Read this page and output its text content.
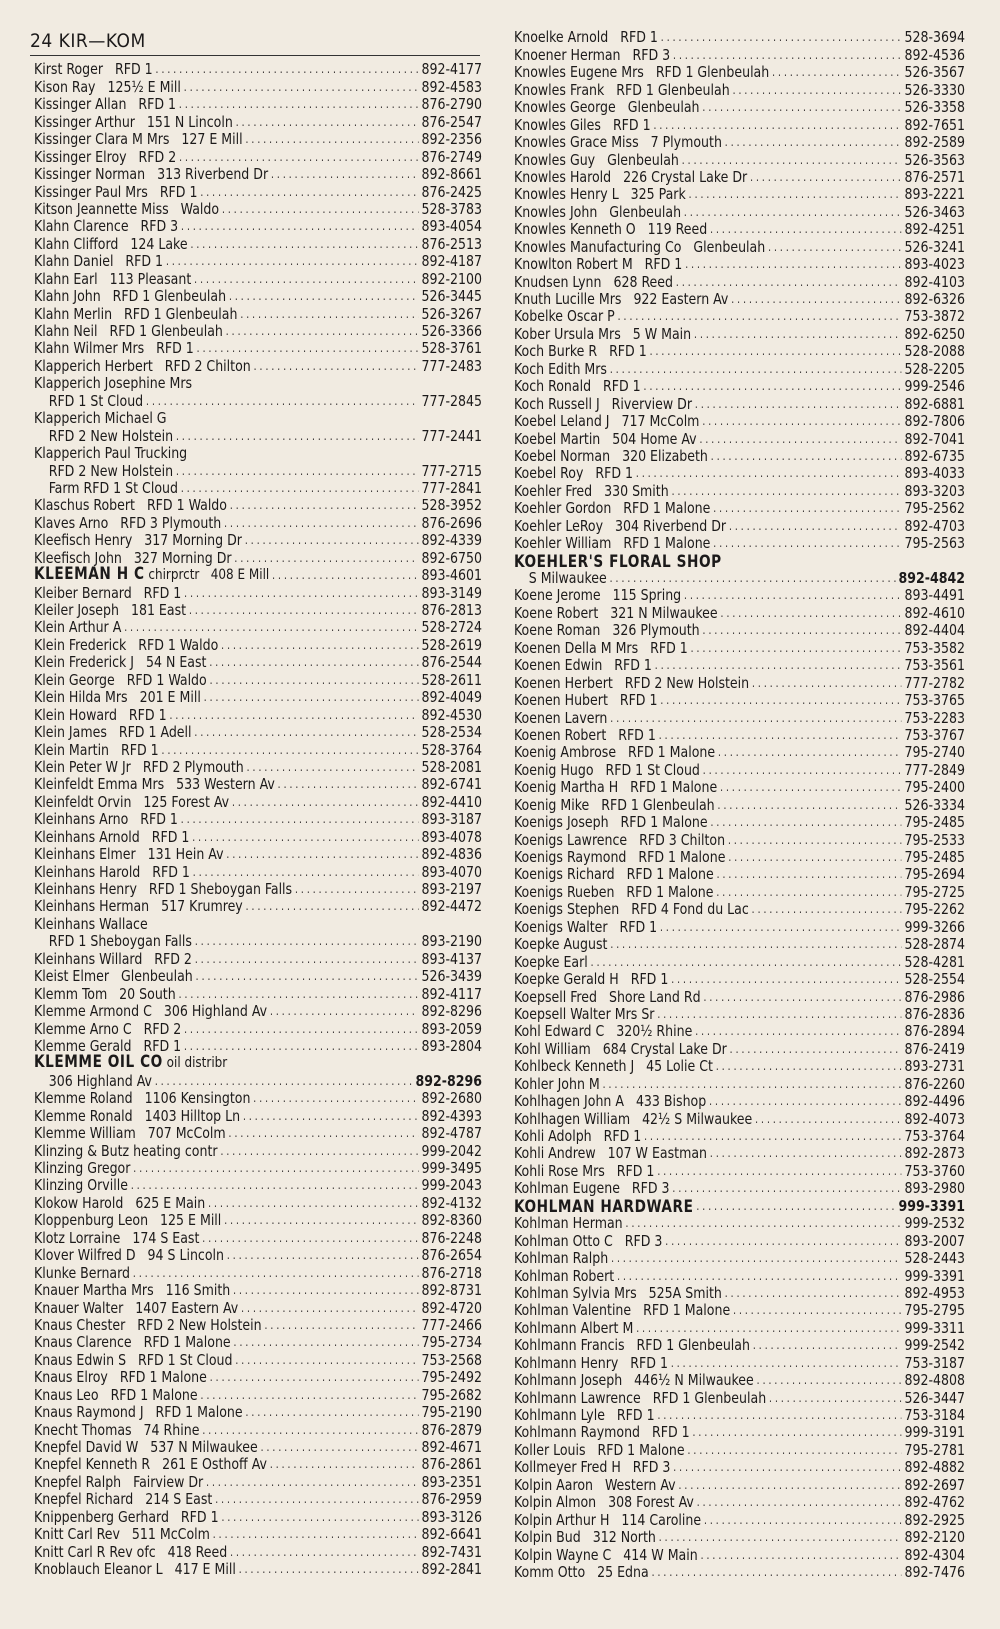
24 KIR—KOM
Kirst Roger   RFD 1 .....	892-4177
Kison Ray   125½ E Mill .....	892-4583
Kissinger Allan   RFD 1 .....	876-2790
Kissinger Arthur   151 N Lincoln .....	876-2547
Kissinger Clara M Mrs   127 E Mill .....	892-2356
Kissinger Elroy   RFD 2 .....	876-2749
Kissinger Norman   313 Riverbend Dr .....	892-8661
Kissinger Paul Mrs   RFD 1 .....	876-2425
Kitson Jeannette Miss   Waldo .....	528-3783
Klahn Clarence   RFD 3 .....	893-4054
Klahn Clifford   124 Lake .....	876-2513
Klahn Daniel   RFD 1 .....	892-4187
Klahn Earl   113 Pleasant .....	892-2100
Klahn John   RFD 1 Glenbeulah .....	526-3445
Klahn Merlin   RFD 1 Glenbeulah .....	526-3267
Klahn Neil   RFD 1 Glenbeulah .....	526-3366
Klahn Wilmer Mrs   RFD 1 .....	528-3761
Klapperich Herbert   RFD 2 Chilton .....	777-2483
Klapperich Josephine Mrs
RFD 1 St Cloud .....	777-2845
Klapperich Michael G
RFD 2 New Holstein .....	777-2441
Klapperich Paul Trucking
RFD 2 New Holstein .....	777-2715
Farm RFD 1 St Cloud .....	777-2841
Klaschus Robert   RFD 1 Waldo .....	528-3952
Klaves Arno   RFD 3 Plymouth .....	876-2696
Kleefisch Henry   317 Morning Dr .....	892-4339
Kleefisch John   327 Morning Dr .....	892-6750
KLEEMAN H C chirprctr   408 E Mill .....	893-4601
Kleiber Bernard   RFD 1 .....	893-3149
Kleiler Joseph   181 East .....	876-2813
Klein Arthur A .....	528-2724
Klein Frederick   RFD 1 Waldo .....	528-2619
Klein Frederick J   54 N East .....	876-2544
Klein George   RFD 1 Waldo .....	528-2611
Klein Hilda Mrs   201 E Mill .....	892-4049
Klein Howard   RFD 1 .....	892-4530
Klein James   RFD 1 Adell .....	528-2534
Klein Martin   RFD 1 .....	528-3764
Klein Peter W Jr   RFD 2 Plymouth .....	528-2081
Kleinfeldt Emma Mrs   533 Western Av .....	892-6741
Kleinfeldt Orvin   125 Forest Av .....	892-4410
Kleinhans Arno   RFD 1 .....	893-3187
Kleinhans Arnold   RFD 1 .....	893-4078
Kleinhans Elmer   131 Hein Av .....	892-4836
Kleinhans Harold   RFD 1 .....	893-4070
Kleinhans Henry   RFD 1 Sheboygan Falls .....	893-2197
Kleinhans Herman   517 Krumrey .....	892-4472
Kleinhans Wallace
RFD 1 Sheboygan Falls .....	893-2190
Kleinhans Willard   RFD 2 .....	893-4137
Kleist Elmer   Glenbeulah .....	526-3439
Klemm Tom   20 South .....	892-4117
Klemme Armond C   306 Highland Av .....	892-8296
Klemme Arno C   RFD 2 .....	893-2059
Klemme Gerald   RFD 1 .....	893-2804
KLEMME OIL CO oil distribr
306 Highland Av .....	892-8296
Klemme Roland   1106 Kensington .....	892-2680
Klemme Ronald   1403 Hilltop Ln .....	892-4393
Klemme William   707 McColm .....	892-4787
Klinzing & Butz heating contr .....	999-2042
Klinzing Gregor .....	999-3495
Klinzing Orville .....	999-2043
Klokow Harold   625 E Main .....	892-4132
Kloppenburg Leon   125 E Mill .....	892-8360
Klotz Lorraine   174 S East .....	876-2248
Klover Wilfred D   94 S Lincoln .....	876-2654
Klunke Bernard .....	876-2718
Knauer Martha Mrs   116 Smith .....	892-8731
Knauer Walter   1407 Eastern Av .....	892-4720
Knaus Chester   RFD 2 New Holstein .....	777-2466
Knaus Clarence   RFD 1 Malone .....	795-2734
Knaus Edwin S   RFD 1 St Cloud .....	753-2568
Knaus Elroy   RFD 1 Malone .....	795-2492
Knaus Leo   RFD 1 Malone .....	795-2682
Knaus Raymond J   RFD 1 Malone .....	795-2190
Knecht Thomas   74 Rhine .....	876-2879
Knepfel David W   537 N Milwaukee .....	892-4671
Knepfel Kenneth R   261 E Osthoff Av .....	876-2861
Knepfel Ralph   Fairview Dr .....	893-2351
Knepfel Richard   214 S East .....	876-2959
Knippenberg Gerhard   RFD 1 .....	893-3126
Knitt Carl Rev   511 McColm .....	892-6641
Knitt Carl R Rev ofc   418 Reed .....	892-7431
Knoblauch Eleanor L   417 E Mill .....	892-2841
Knoelke Arnold   RFD 1 .....	528-3694
Knoener Herman   RFD 3 .....	892-4536
Knowles Eugene Mrs   RFD 1 Glenbeulah .....	526-3567
Knowles Frank   RFD 1 Glenbeulah .....	526-3330
Knowles George   Glenbeulah .....	526-3358
Knowles Giles   RFD 1 .....	892-7651
Knowles Grace Miss   7 Plymouth .....	892-2589
Knowles Guy   Glenbeulah .....	526-3563
Knowles Harold   226 Crystal Lake Dr .....	876-2571
Knowles Henry L   325 Park .....	893-2221
Knowles John   Glenbeulah .....	526-3463
Knowles Kenneth O   119 Reed .....	892-4251
Knowles Manufacturing Co   Glenbeulah .....	526-3241
Knowlton Robert M   RFD 1 .....	893-4023
Knudsen Lynn   628 Reed .....	892-4103
Knuth Lucille Mrs   922 Eastern Av .....	892-6326
Kobelke Oscar P .....	753-3872
Kober Ursula Mrs   5 W Main .....	892-6250
Koch Burke R   RFD 1 .....	528-2088
Koch Edith Mrs .....	528-2205
Koch Ronald   RFD 1 .....	999-2546
Koch Russell J   Riverview Dr .....	892-6881
Koebel Leland J   717 McColm .....	892-7806
Koebel Martin   504 Home Av .....	892-7041
Koebel Norman   320 Elizabeth .....	892-6735
Koebel Roy   RFD 1 .....	893-4033
Koehler Fred   330 Smith .....	893-3203
Koehler Gordon   RFD 1 Malone .....	795-2562
Koehler LeRoy   304 Riverbend Dr .....	892-4703
Koehler William   RFD 1 Malone .....	795-2563
KOEHLER'S FLORAL SHOP
S Milwaukee .....	892-4842
Koene Jerome   115 Spring .....	893-4491
Koene Robert   321 N Milwaukee .....	892-4610
Koene Roman   326 Plymouth .....	892-4404
Koenen Della M Mrs   RFD 1 .....	753-3582
Koenen Edwin   RFD 1 .....	753-3561
Koenen Herbert   RFD 2 New Holstein .....	777-2782
Koenen Hubert   RFD 1 .....	753-3765
Koenen Lavern .....	753-2283
Koenen Robert   RFD 1 .....	753-3767
Koenig Ambrose   RFD 1 Malone .....	795-2740
Koenig Hugo   RFD 1 St Cloud .....	777-2849
Koenig Martha H   RFD 1 Malone .....	795-2400
Koenig Mike   RFD 1 Glenbeulah .....	526-3334
Koenigs Joseph   RFD 1 Malone .....	795-2485
Koenigs Lawrence   RFD 3 Chilton .....	795-2533
Koenigs Raymond   RFD 1 Malone .....	795-2485
Koenigs Richard   RFD 1 Malone .....	795-2694
Koenigs Rueben   RFD 1 Malone .....	795-2725
Koenigs Stephen   RFD 4 Fond du Lac .....	795-2262
Koenigs Walter   RFD 1 .....	999-3266
Koepke August .....	528-2874
Koepke Earl .....	528-4281
Koepke Gerald H   RFD 1 .....	528-2554
Koepsell Fred   Shore Land Rd .....	876-2986
Koepsell Walter Mrs Sr .....	876-2836
Kohl Edward C   320½ Rhine .....	876-2894
Kohl William   684 Crystal Lake Dr .....	876-2419
Kohlbeck Kenneth J   45 Lolie Ct .....	893-2731
Kohler John M .....	876-2260
Kohlhagen John A   433 Bishop .....	892-4496
Kohlhagen William   42½ S Milwaukee .....	892-4073
Kohli Adolph   RFD 1 .....	753-3764
Kohli Andrew   107 W Eastman .....	892-2873
Kohli Rose Mrs   RFD 1 .....	753-3760
Kohlman Eugene   RFD 3 .....	893-2980
KOHLMAN HARDWARE .....	999-3391
Kohlman Herman .....	999-2532
Kohlman Otto C   RFD 3 .....	893-2007
Kohlman Ralph .....	528-2443
Kohlman Robert .....	999-3391
Kohlman Sylvia Mrs   525A Smith .....	892-4953
Kohlman Valentine   RFD 1 Malone .....	795-2795
Kohlmann Albert M .....	999-3311
Kohlmann Francis   RFD 1 Glenbeulah .....	999-2542
Kohlmann Henry   RFD 1 .....	753-3187
Kohlmann Joseph   446½ N Milwaukee .....	892-4808
Kohlmann Lawrence   RFD 1 Glenbeulah .....	526-3447
Kohlmann Lyle   RFD 1 .....	753-3184
Kohlmann Raymond   RFD 1 .....	999-3191
Koller Louis   RFD 1 Malone .....	795-2781
Kollmeyer Fred H   RFD 3 .....	892-4882
Kolpin Aaron   Western Av .....	892-2697
Kolpin Almon   308 Forest Av .....	892-4762
Kolpin Arthur H   114 Caroline .....	892-2925
Kolpin Bud   312 North .....	892-2120
Kolpin Wayne C   414 W Main .....	892-4304
Komm Otto   25 Edna .....	892-7476
